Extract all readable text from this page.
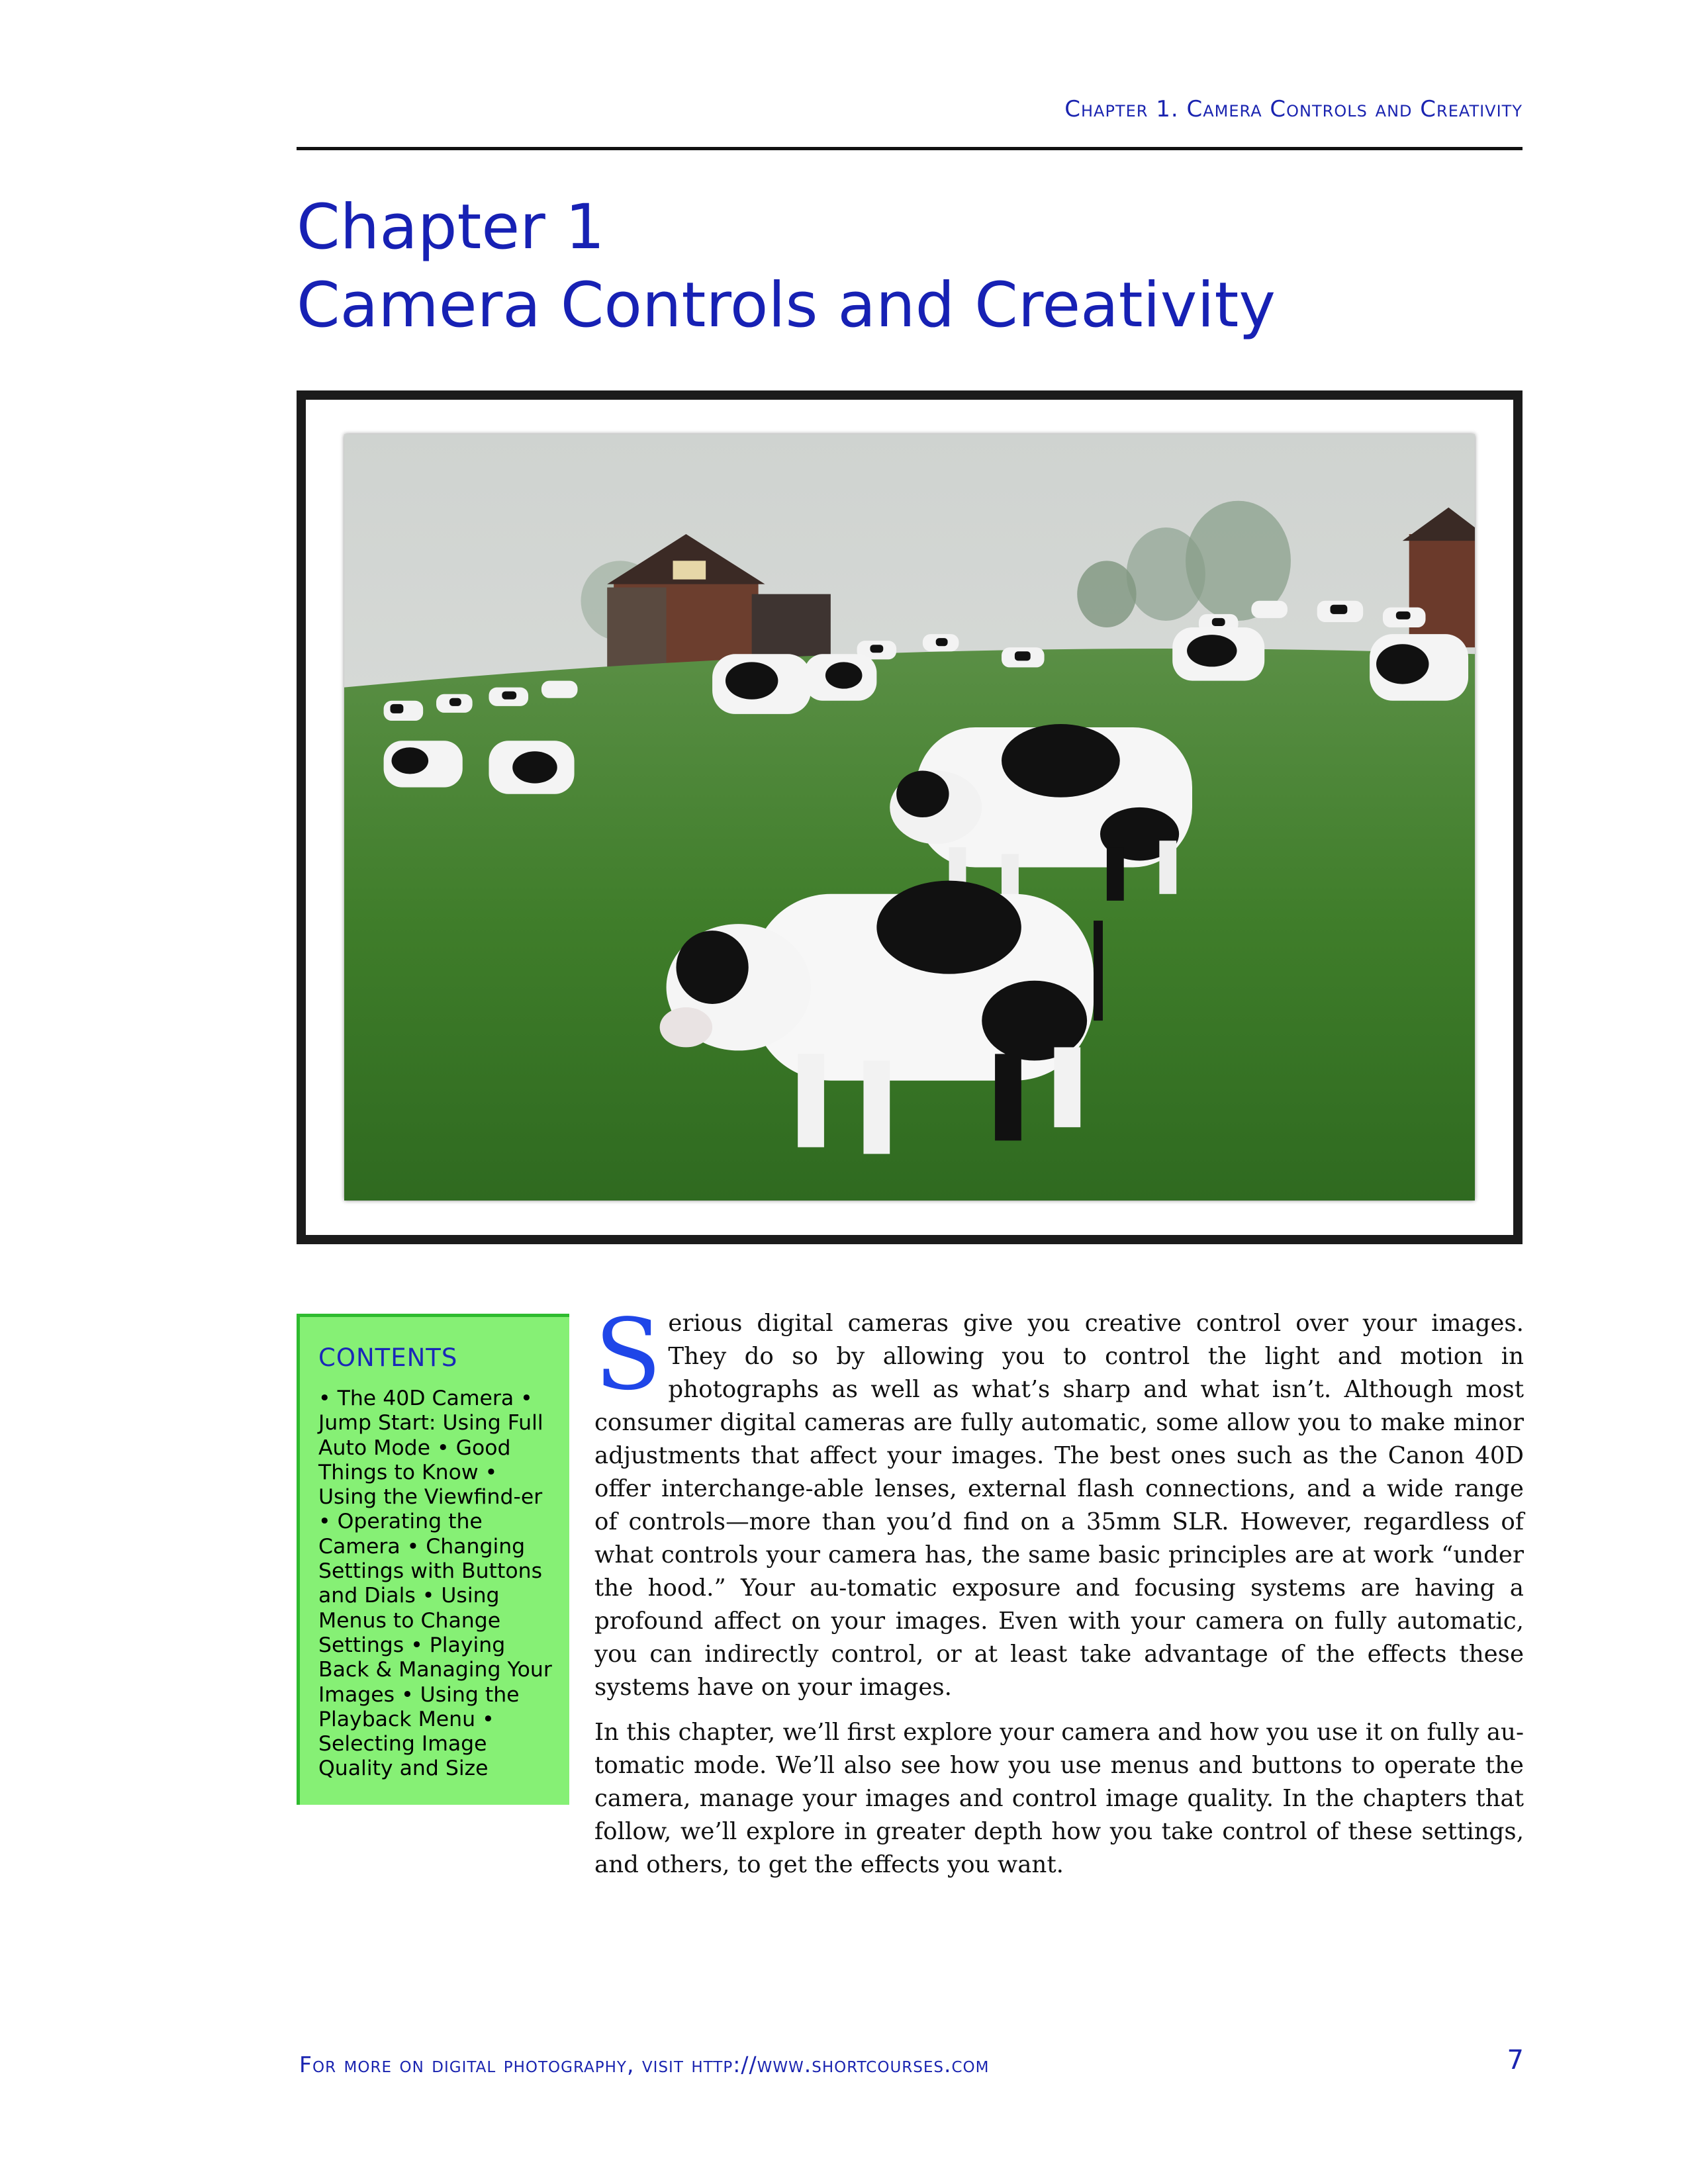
Chapter 1. Camera Controls and Creativity
Chapter 1
Camera Controls and Creativity
CONTENTS

• The 40D Camera • Jump Start: Using Full Auto Mode • Good Things to Know • Using the Viewfind-er • Operating the Camera • Changing Settings with Buttons and Dials • Using Menus to Change Settings • Playing Back & Managing Your Images • Using the Playback Menu • Selecting Image Quality and Size

Serious digital cameras give you creative control over your images. They do so by allowing you to control the light and motion in photographs as well as what’s sharp and what isn’t. Although most consumer digital cameras are fully automatic, some allow you to make minor adjustments that affect your images. The best ones such as the Canon 40D offer interchange-able lenses, external flash connections, and a wide range of controls—more than you’d find on a 35mm SLR. However, regardless of what controls your camera has, the same basic principles are at work “under the hood.” Your au-tomatic exposure and focusing systems are having a profound affect on your images. Even with your camera on fully automatic, you can indirectly control, or at least take advantage of the effects these systems have on your images.

In this chapter, we’ll first explore your camera and how you use it on fully au-tomatic mode. We’ll also see how you use menus and buttons to operate the camera, manage your images and control image quality. In the chapters that follow, we’ll explore in greater depth how you take control of these settings, and others, to get the effects you want.

For more on digital photography, visit http://www.shortcourses.com	7
